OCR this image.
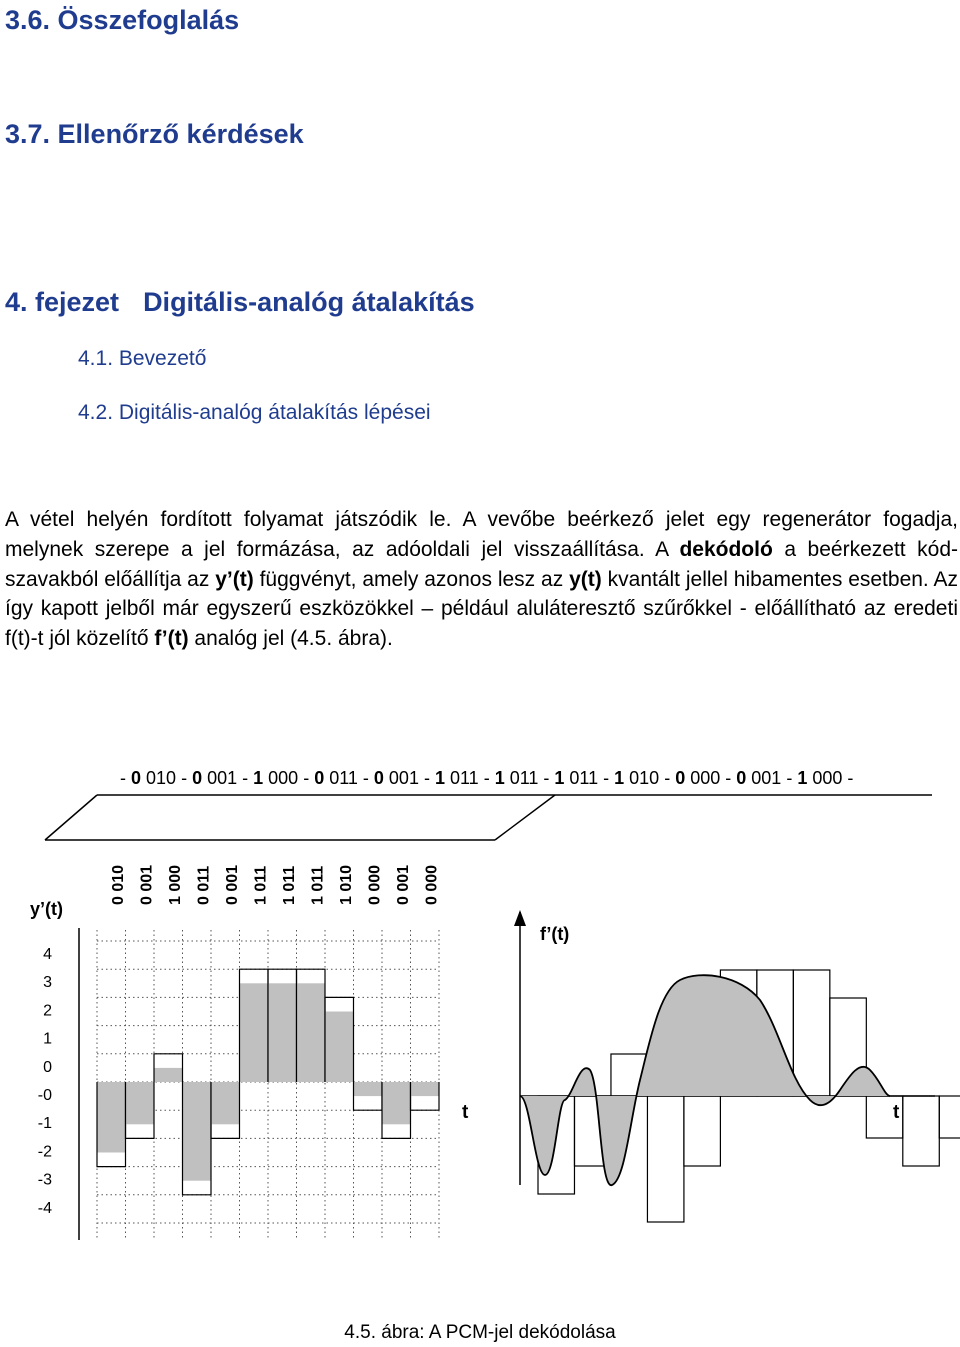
3.6. Összefoglalás
3.7. Ellenőrző kérdések
4. fejezet Digitális-analóg átalakítás

4.1. Bevezető

4.2. Digitális-analóg átalakítás lépései

A vétel helyén fordított folyamat játszódik le. A vevőbe beérkező jelet egy regenerátor fogadja, melynek szerepe a jel formázása, az adóoldali jel visszaállítása. A dekódoló a beérkezett kód-szavakból előállítja az y’(t) függvényt, amely azonos lesz az y(t) kvantált jellel hibamentes esetben. Az így kapott jelből már egyszerű eszközökkel – például aluláteresztő szűrőkkel - előállítható az eredeti f(t)-t jól közelítő f’(t) analóg jel (4.5. ábra).

- 0 010 - 0 001 - 1 000 - 0 011 - 0 001 - 1 011 - 1 011 - 1 011 - 1 010 - 0 000 - 0 001 - 1 000 -
0 010 0 001 1 000 0 011 0 001 1 011 1 011 1 011 1 010 0 000 0 001 0 000
y’(t)
4
3
2
1
0
-0
-1
-2
-3
-4
t
f’(t)
t

4.5. ábra: A PCM-jel dekódolása
